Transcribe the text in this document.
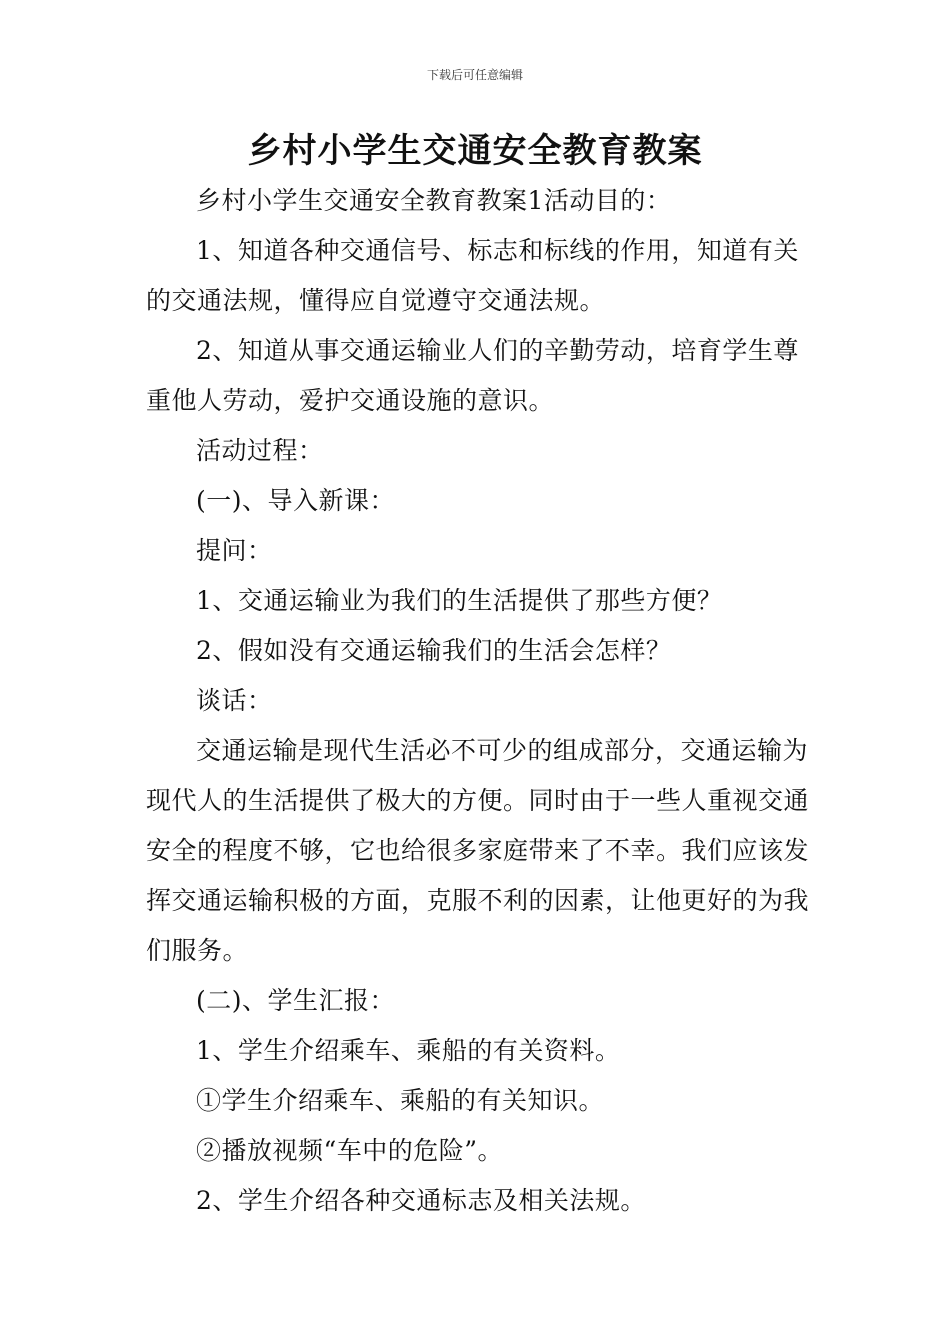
下载后可任意编辑
乡村小学生交通安全教育教案

乡村小学生交通安全教育教案1活动目的：

1、知道各种交通信号、标志和标线的作用，知道有关的交通法规，懂得应自觉遵守交通法规。

2、知道从事交通运输业人们的辛勤劳动，培育学生尊重他人劳动，爱护交通设施的意识。

活动过程：

(一)、导入新课：

提问：

1、交通运输业为我们的生活提供了那些方便？

2、假如没有交通运输我们的生活会怎样？

谈话：

交通运输是现代生活必不可少的组成部分，交通运输为现代人的生活提供了极大的方便。同时由于一些人重视交通安全的程度不够，它也给很多家庭带来了不幸。我们应该发挥交通运输积极的方面，克服不利的因素，让他更好的为我们服务。

(二)、学生汇报：

1、学生介绍乘车、乘船的有关资料。

①学生介绍乘车、乘船的有关知识。

②播放视频“车中的危险”。

2、学生介绍各种交通标志及相关法规。
